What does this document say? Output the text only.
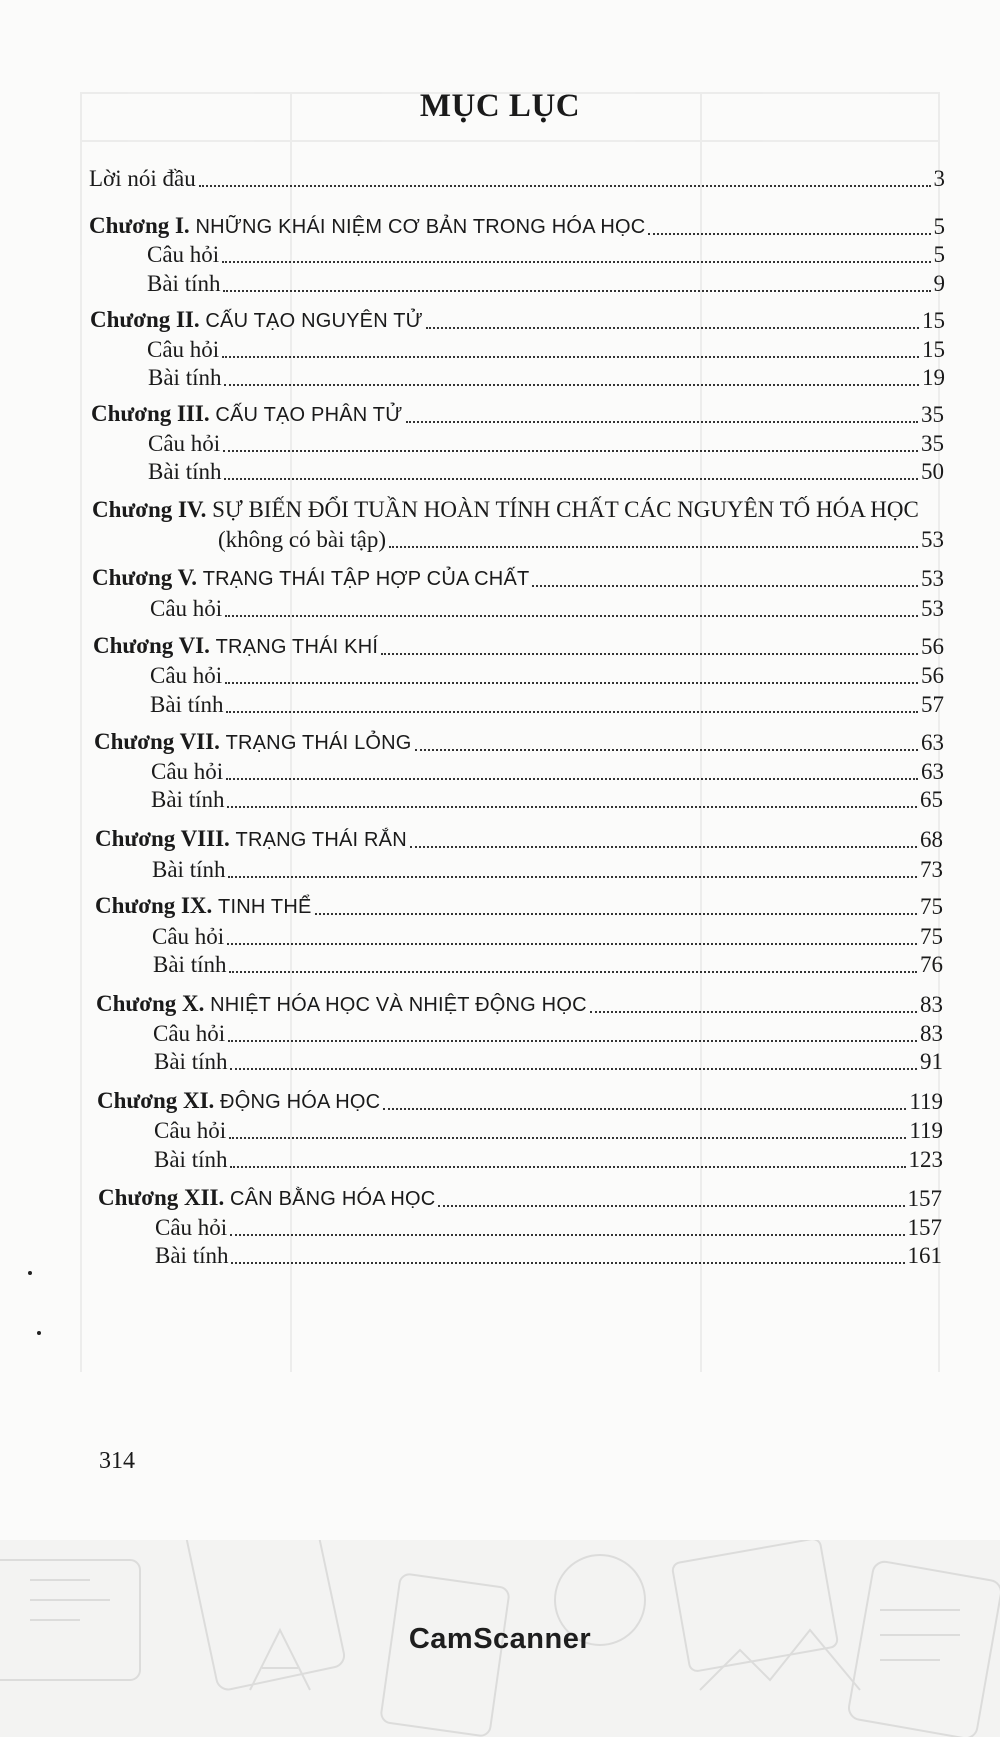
MỤC LỤC
Lời nói đầu	3
Chương I. NHỮNG KHÁI NIỆM CƠ BẢN TRONG HÓA HỌC	5
Câu hỏi	5
Bài tính	9
Chương II. CẤU TẠO NGUYÊN TỬ	15
Câu hỏi	15
Bài tính	19
Chương III. CẤU TẠO PHÂN TỬ	35
Câu hỏi	35
Bài tính	50
Chương IV. SỰ BIẾN ĐỔI TUẦN HOÀN TÍNH CHẤT CÁC NGUYÊN TỐ HÓA HỌC
(không có bài tập)	53
Chương V. TRẠNG THÁI TẬP HỢP CỦA CHẤT	53
Câu hỏi	53
Chương VI. TRẠNG THÁI KHÍ	56
Câu hỏi	56
Bài tính	57
Chương VII. TRẠNG THÁI LỎNG	63
Câu hỏi	63
Bài tính	65
Chương VIII. TRẠNG THÁI RẮN	68
Bài tính	73
Chương IX. TINH THỂ	75
Câu hỏi	75
Bài tính	76
Chương X. NHIỆT HÓA HỌC VÀ NHIỆT ĐỘNG HỌC	83
Câu hỏi	83
Bài tính	91
Chương XI. ĐỘNG HÓA HỌC	119
Câu hỏi	119
Bài tính	123
Chương XII. CÂN BẰNG HÓA HỌC	157
Câu hỏi	157
Bài tính	161
314
CamScanner
